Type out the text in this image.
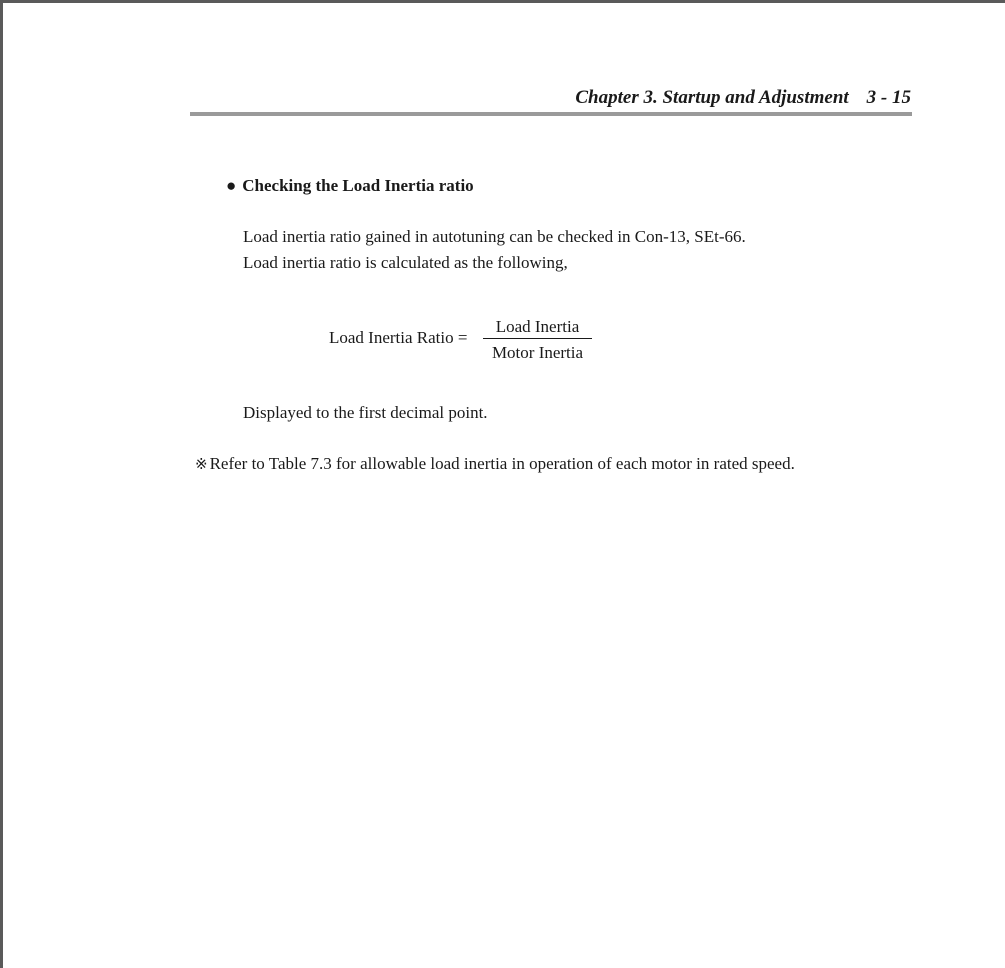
Chapter 3. Startup and Adjustment 3 - 15
● Checking the Load Inertia ratio
Load inertia ratio gained in autotuning can be checked in Con-13, SEt-66.
Load inertia ratio is calculated as the following,
Load Inertia Ratio =
Load Inertia
Motor Inertia
Displayed to the first decimal point.
※ Refer to Table 7.3 for allowable load inertia in operation of each motor in rated speed.
